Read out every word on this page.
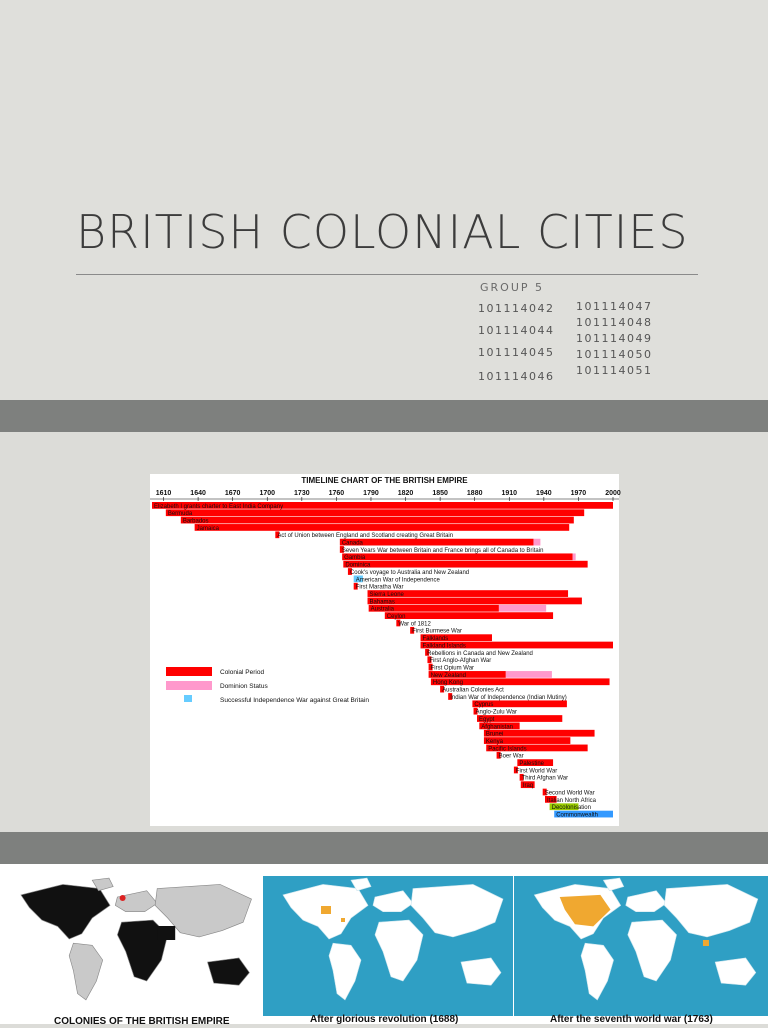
BRITISH COLONIAL CITIES
GROUP 5
101114042
101114044
101114045
101114046
101114047
101114048
101114049
101114050
101114051
TIMELINE CHART OF THE BRITISH EMPIRE
1610	1640	1670	1700	1730	1760	1790	1820	1850	1880	1910	1940	1970	2000
Elizabeth I grants charter to East India Company
Bermuda
Barbados
Jamaica
Act of Union between England and Scotland creating Great Britain
Canada
Seven Years War between Britain and France brings all of Canada to Britain
Gambia
Dominica
Cook's voyage to Australia and New Zealand
American War of Independence
First Maratha War
Sierra Leone
Bahamas
Australia
Ceylon
War of 1812
First Burmese War
Falklands
Falkland Islands
Rebellions in Canada and New Zealand
First Anglo-Afghan War
First Opium War
New Zealand
Hong Kong
Australian Colonies Act
Indian War of Independence (Indian Mutiny)
Cyprus
Anglo-Zulu War
Egypt
Afghanistan
Brunei
Kenya
Pacific Islands
Boer War
Palestine
First World War
Third Afghan War
Iraq
Second World War
Italian North Africa
Decolonisation
Commonwealth
Colonial Period
Dominion Status
Successful Independence War against Great Britain
COLONIES OF THE BRITISH EMPIRE	After glorious revolution (1688)	After the seventh world war (1763)
